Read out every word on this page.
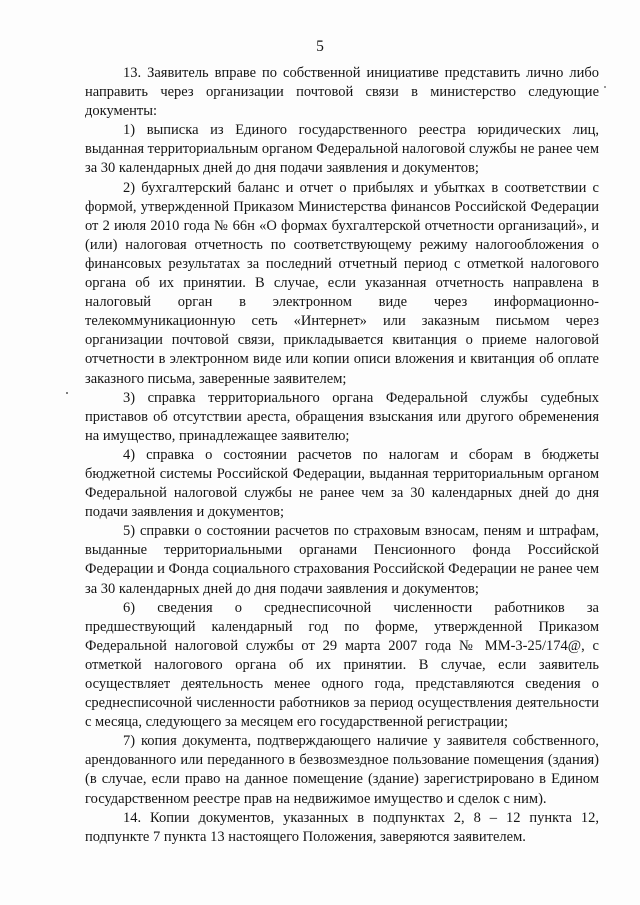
5

13. Заявитель вправе по собственной инициативе представить лично либо направить через организации почтовой связи в министерство следующие документы:

1) выписка из Единого государственного реестра юридических лиц, выданная территориальным органом Федеральной налоговой службы не ранее чем за 30 календарных дней до дня подачи заявления и документов;

2) бухгалтерский баланс и отчет о прибылях и убытках в соответствии с формой, утвержденной Приказом Министерства финансов Российской Федерации от 2 июля 2010 года № 66н «О формах бухгалтерской отчетности организаций», и (или) налоговая отчетность по соответствующему режиму налогообложения о финансовых результатах за последний отчетный период с отметкой налогового органа об их принятии. В случае, если указанная отчетность направлена в налоговый орган в электронном виде через информационно-телекоммуникационную сеть «Интернет» или заказным письмом через организации почтовой связи, прикладывается квитанция о приеме налоговой отчетности в электронном виде или копии описи вложения и квитанция об оплате заказного письма, заверенные заявителем;

3) справка территориального органа Федеральной службы судебных приставов об отсутствии ареста, обращения взыскания или другого обременения на имущество, принадлежащее заявителю;

4) справка о состоянии расчетов по налогам и сборам в бюджеты бюджетной системы Российской Федерации, выданная территориальным органом Федеральной налоговой службы не ранее чем за 30 календарных дней до дня подачи заявления и документов;

5) справки о состоянии расчетов по страховым взносам, пеням и штрафам, выданные территориальными органами Пенсионного фонда Российской Федерации и Фонда социального страхования Российской Федерации не ранее чем за 30 календарных дней до дня подачи заявления и документов;

6) сведения о среднесписочной численности работников за предшествующий календарный год по форме, утвержденной Приказом Федеральной налоговой службы от 29 марта 2007 года № ММ-3-25/174@, с отметкой налогового органа об их принятии. В случае, если заявитель осуществляет деятельность менее одного года, представляются сведения о среднесписочной численности работников за период осуществления деятельности с месяца, следующего за месяцем его государственной регистрации;

7) копия документа, подтверждающего наличие у заявителя собственного, арендованного или переданного в безвозмездное пользование помещения (здания) (в случае, если право на данное помещение (здание) зарегистрировано в Едином государственном реестре прав на недвижимое имущество и сделок с ним).

14. Копии документов, указанных в подпунктах 2, 8 – 12 пункта 12, подпункте 7 пункта 13 настоящего Положения, заверяются заявителем.
